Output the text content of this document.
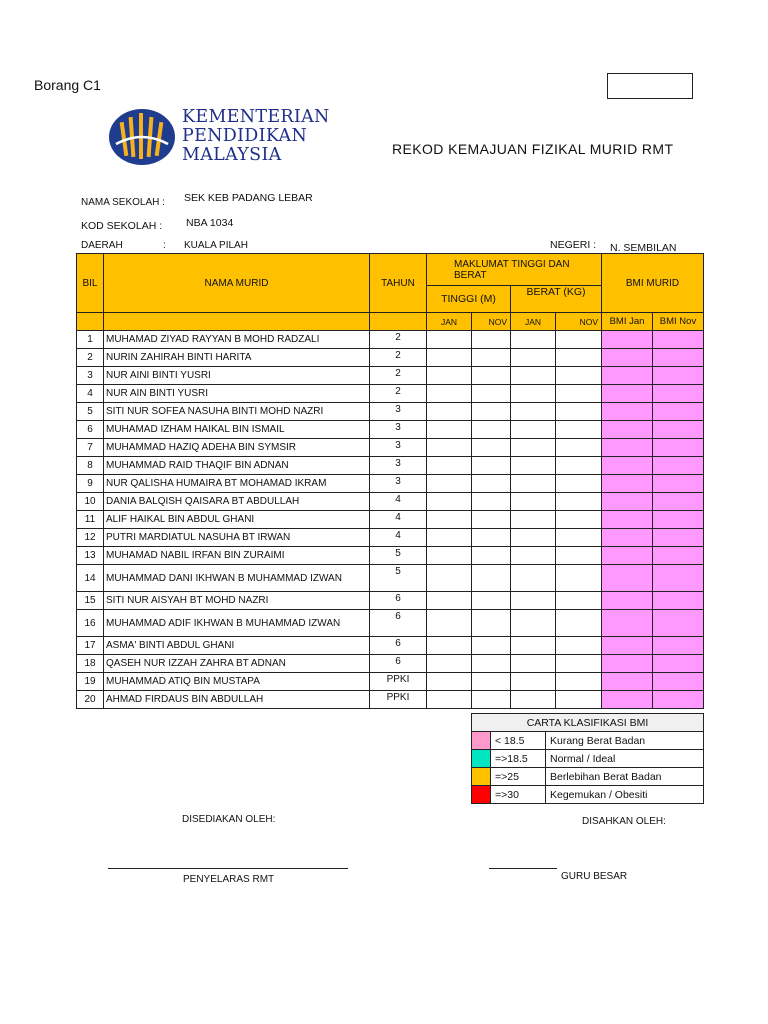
Borang C1
KEMENTERIAN
PENDIDIKAN
MALAYSIA	REKOD KEMAJUAN FIZIKAL MURID RMT
NAMA SEKOLAH : SEK KEB PADANG LEBAR
KOD SEKOLAH : NBA 1034
DAERAH	: KUALA PILAH	NEGERI : N. SEMBILAN
BIL	NAMA MURID	TAHUN	MAKLUMAT TINGGI DAN BERAT				BMI MURID	
			TINGGI (M)		BERAT (KG)			
			JAN	NOV	JAN	NOV	BMI Jan	BMI Nov
1	MUHAMAD ZIYAD RAYYAN B MOHD RADZALI	2						
2	NURIN ZAHIRAH BINTI HARITA	2						
3	NUR AINI BINTI YUSRI	2						
4	NUR AIN BINTI YUSRI	2						
5	SITI NUR SOFEA NASUHA BINTI MOHD NAZRI	3						
6	MUHAMAD IZHAM HAIKAL BIN ISMAIL	3						
7	MUHAMMAD HAZIQ ADEHA BIN SYMSIR	3						
8	MUHAMMAD RAID THAQIF BIN ADNAN	3						
9	NUR QALISHA HUMAIRA BT MOHAMAD IKRAM	3						
10	DANIA BALQISH QAISARA BT ABDULLAH	4						
11	ALIF HAIKAL BIN ABDUL GHANI	4						
12	PUTRI MARDIATUL NASUHA BT IRWAN	4						
13	MUHAMAD NABIL IRFAN BIN ZURAIMI	5						
14	MUHAMMAD DANI IKHWAN B MUHAMMAD IZWAN	5						
15	SITI NUR AISYAH BT MOHD NAZRI	6						
16	MUHAMMAD ADIF IKHWAN B MUHAMMAD IZWAN	6						
17	ASMA' BINTI ABDUL GHANI	6						
18	QASEH NUR IZZAH ZAHRA BT ADNAN	6						
19	MUHAMMAD ATIQ BIN MUSTAPA	PPKI						
20	AHMAD FIRDAUS BIN ABDULLAH	PPKI						
CARTA KLASIFIKASI BMI		
	< 18.5	Kurang Berat Badan
	=>18.5	Normal / Ideal
	=>25	Berlebihan Berat Badan
	=>30	Kegemukan / Obesiti
DISEDIAKAN OLEH:	DISAHKAN OLEH:
PENYELARAS RMT	GURU BESAR
